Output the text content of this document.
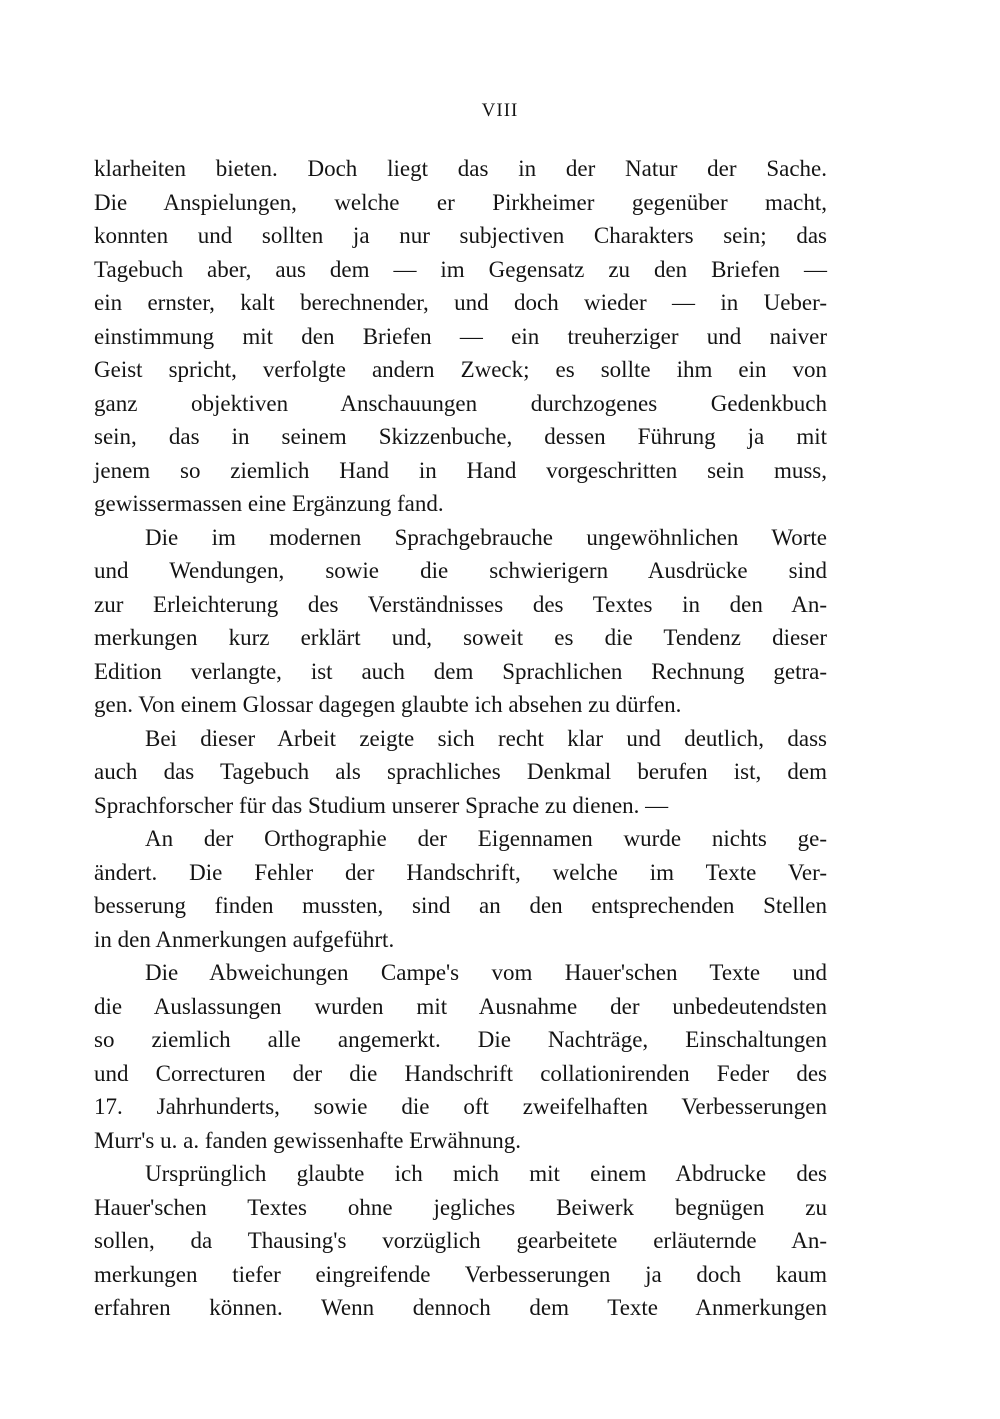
VIII
klarheiten bieten. Doch liegt das in der Natur der Sache.
Die Anspielungen, welche er Pirkheimer gegenüber macht,
konnten und sollten ja nur subjectiven Charakters sein; das
Tagebuch aber, aus dem — im Gegensatz zu den Briefen —
ein ernster, kalt berechnender, und doch wieder — in Ueber-
einstimmung mit den Briefen — ein treuherziger und naiver
Geist spricht, verfolgte andern Zweck; es sollte ihm ein von
ganz objektiven Anschauungen durchzogenes Gedenkbuch
sein, das in seinem Skizzenbuche, dessen Führung ja mit
jenem so ziemlich Hand in Hand vorgeschritten sein muss,
gewissermassen eine Ergänzung fand.
Die im modernen Sprachgebrauche ungewöhnlichen Worte
und Wendungen, sowie die schwierigern Ausdrücke sind
zur Erleichterung des Verständnisses des Textes in den An-
merkungen kurz erklärt und, soweit es die Tendenz dieser
Edition verlangte, ist auch dem Sprachlichen Rechnung getra-
gen. Von einem Glossar dagegen glaubte ich absehen zu dürfen.
Bei dieser Arbeit zeigte sich recht klar und deutlich, dass
auch das Tagebuch als sprachliches Denkmal berufen ist, dem
Sprachforscher für das Studium unserer Sprache zu dienen. —
An der Orthographie der Eigennamen wurde nichts ge-
ändert. Die Fehler der Handschrift, welche im Texte Ver-
besserung finden mussten, sind an den entsprechenden Stellen
in den Anmerkungen aufgeführt.
Die Abweichungen Campe's vom Hauer'schen Texte und
die Auslassungen wurden mit Ausnahme der unbedeutendsten
so ziemlich alle angemerkt. Die Nachträge, Einschaltungen
und Correcturen der die Handschrift collationirenden Feder des
17. Jahrhunderts, sowie die oft zweifelhaften Verbesserungen
Murr's u. a. fanden gewissenhafte Erwähnung.
Ursprünglich glaubte ich mich mit einem Abdrucke des
Hauer'schen Textes ohne jegliches Beiwerk begnügen zu
sollen, da Thausing's vorzüglich gearbeitete erläuternde An-
merkungen tiefer eingreifende Verbesserungen ja doch kaum
erfahren können. Wenn dennoch dem Texte Anmerkungen
